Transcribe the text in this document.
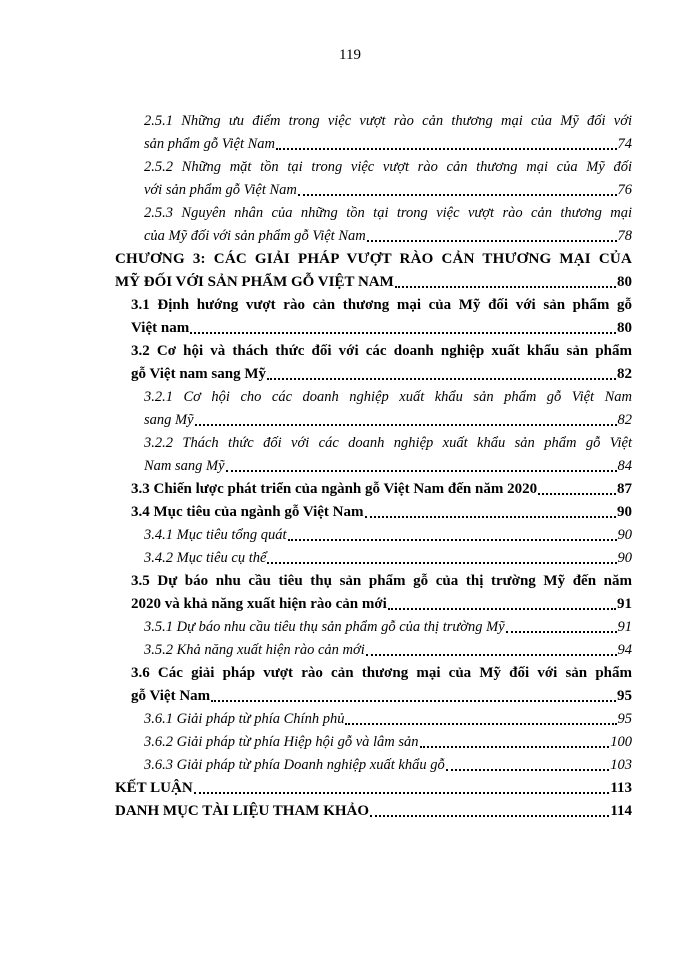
119
2.5.1 Những ưu điểm trong việc vượt rào cản thương mại của Mỹ đối với
sản phẩm gỗ Việt Nam	74
2.5.2 Những mặt tồn tại trong việc vượt rào cản thương mại của Mỹ đối
với sản phẩm gỗ Việt Nam	76
2.5.3 Nguyên nhân của những tồn tại trong việc vượt rào cản thương mại
của Mỹ đối với sản phẩm gỗ Việt Nam	78
CHƯƠNG 3: CÁC GIẢI PHÁP VƯỢT RÀO CẢN THƯƠNG MẠI CỦA
MỸ ĐỐI VỚI SẢN PHẨM GỖ VIỆT NAM	80
3.1 Định hướng vượt rào cản thương mại của Mỹ đối với sản phẩm gỗ
Việt nam	80
3.2 Cơ hội và thách thức đối với các doanh nghiệp xuất khẩu sản phẩm
gỗ Việt nam sang Mỹ	82
3.2.1 Cơ hội cho các doanh nghiệp xuất khẩu sản phẩm gỗ Việt Nam
sang Mỹ	82
3.2.2 Thách thức đối với các doanh nghiệp xuất khẩu sản phẩm gỗ Việt
Nam sang Mỹ	84
3.3 Chiến lược phát triển của ngành gỗ Việt Nam đến năm 2020	87
3.4 Mục tiêu của ngành gỗ Việt Nam	90
3.4.1 Mục tiêu tổng quát	90
3.4.2 Mục tiêu cụ thể	90
3.5 Dự báo nhu cầu tiêu thụ sản phẩm gỗ của thị trường Mỹ đến năm
2020 và khả năng xuất hiện rào cản mới	91
3.5.1 Dự báo nhu cầu tiêu thụ sản phẩm gỗ của thị trường Mỹ	91
3.5.2 Khả năng xuất hiện rào cản mới	94
3.6 Các giải pháp vượt rào cản thương mại của Mỹ đối với sản phẩm
gỗ Việt Nam	95
3.6.1 Giải pháp từ phía Chính phủ	95
3.6.2 Giải pháp từ phía Hiệp hội gỗ và lâm sản	100
3.6.3 Giải pháp từ phía Doanh nghiệp xuất khẩu gỗ	103
KẾT LUẬN	113
DANH MỤC TÀI LIỆU THAM KHẢO	114
